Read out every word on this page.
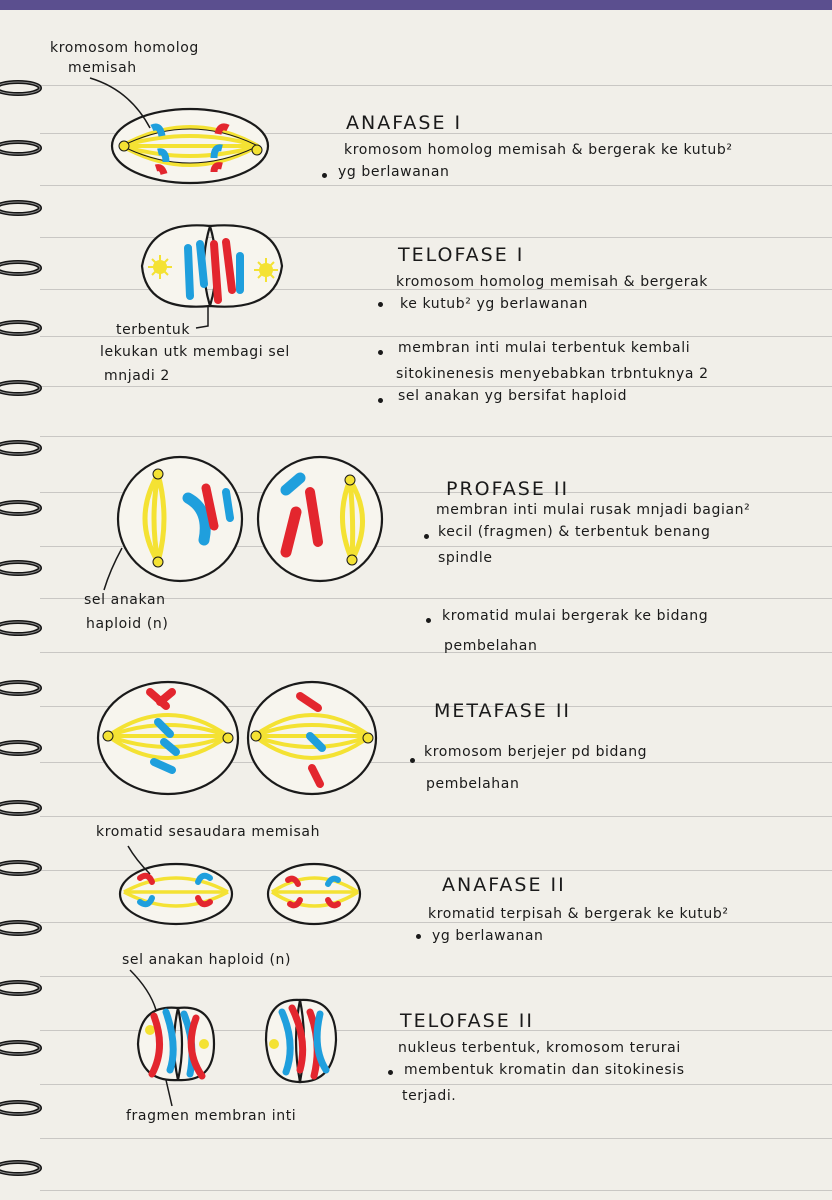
kromosom homolog
memisah
terbentuk
lekukan utk membagi sel
mnjadi 2
sel anakan
haploid (n)
kromatid sesaudara memisah
sel anakan haploid (n)
fragmen membran inti
ANAFASE I
kromosom homolog memisah & bergerak ke kutub²
yg berlawanan
TELOFASE I
kromosom homolog memisah & bergerak
ke kutub² yg berlawanan
membran inti mulai terbentuk kembali
sitokinenesis menyebabkan trbntuknya 2
sel anakan yg bersifat haploid
PROFASE II
membran inti mulai rusak mnjadi bagian²
kecil (fragmen) & terbentuk benang
spindle
kromatid mulai bergerak ke bidang
pembelahan
METAFASE II
kromosom berjejer pd bidang
pembelahan
ANAFASE II
kromatid terpisah & bergerak ke kutub²
yg berlawanan
TELOFASE II
nukleus terbentuk, kromosom terurai
membentuk kromatin dan sitokinesis
terjadi.
